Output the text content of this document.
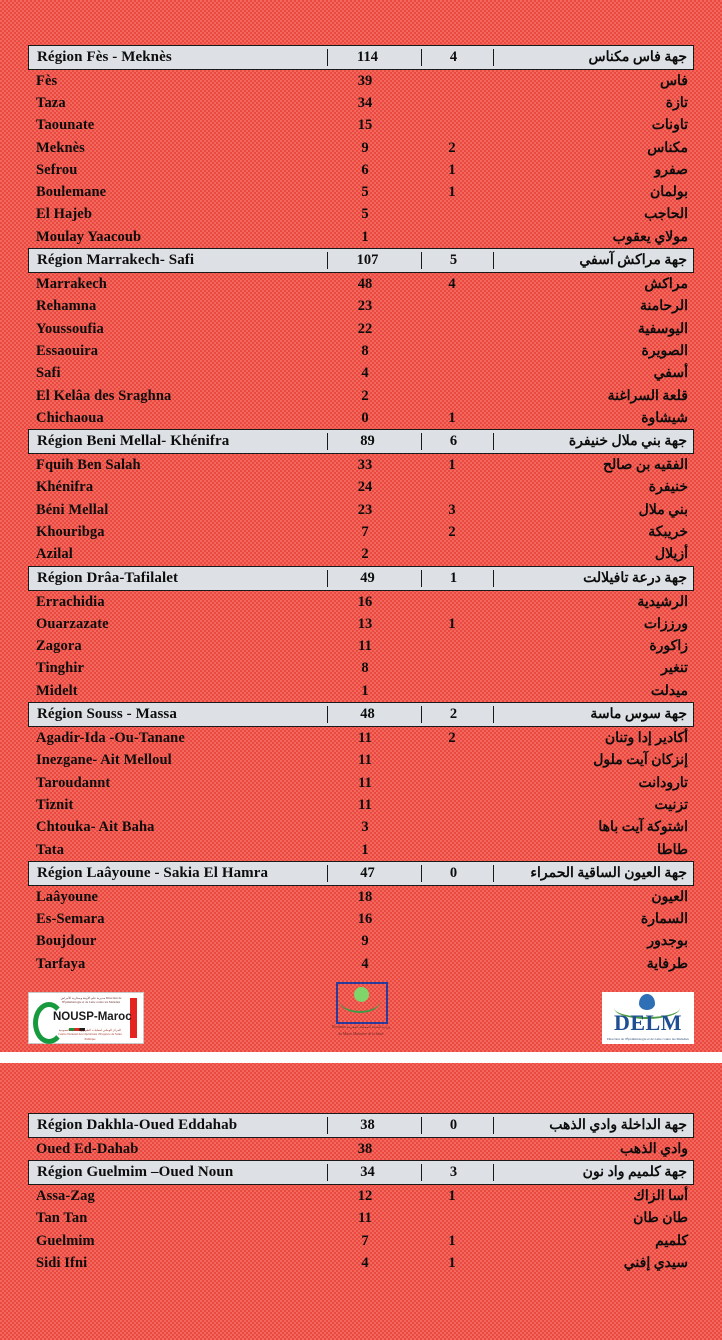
Région Fès - Meknès	114	4	جهة فاس مكناس
Fès	39	فاس
Taza	34	تازة
Taounate	15	تاونات
Meknès	9	2	مكناس
Sefrou	6	1	صفرو
Boulemane	5	1	بولمان
El Hajeb	5	الحاجب
Moulay Yaacoub	1	مولاي يعقوب
Région Marrakech- Safi	107	5	جهة مراكش آسفي
Marrakech	48	4	مراكش
Rehamna	23	الرحامنة
Youssoufia	22	اليوسفية
Essaouira	8	الصويرة
Safi	4	أسفي
El Kelâa des Sraghna	2	قلعة السراغنة
Chichaoua	0	1	شيشاوة
Région Beni Mellal- Khénifra	89	6	جهة بني ملال خنيفرة
Fquih Ben Salah	33	1	الفقيه بن صالح
Khénifra	24	خنيفرة
Béni Mellal	23	3	بني ملال
Khouribga	7	2	خريبكة
Azilal	2	أزيلال
Région Drâa-Tafilalet	49	1	جهة درعة تافيلالت
Errachidia	16	الرشيدية
Ouarzazate	13	1	ورززات
Zagora	11	زاكورة
Tinghir	8	تنغير
Midelt	1	ميدلت
Région Souss - Massa	48	2	جهة سوس ماسة
Agadir-Ida -Ou-Tanane	11	2	أكادير إدا وتنان
Inezgane- Ait Melloul	11	إنزكان آيت ملول
Taroudannt	11	تارودانت
Tiznit	11	تزنيت
Chtouka- Ait Baha	3	اشتوكة آيت باها
Tata	1	طاطا
Région Laâyoune - Sakia El Hamra	47	0	جهة العيون الساقية الحمراء
Laâyoune	18	العيون
Es-Semara	16	السمارة
Boujdour	9	بوجدور
Tarfaya	4	طرفاية
مديرية علم الأوبئة ومحاربة الأمراض Direction de l'Épidémiologie et de Lutte contre les Maladies
NOUSP-Maroc
المركز الوطني لعمليات الطوارئ الصحية العمومية Centre National des Opérations d'Urgence de Santé Publique
وزارة الصحة المملكة المغربية Royaume du Maroc Ministère de la Santé	DELM
Direction de l'Épidémiologie et de Lutte contre les Maladies
Région Dakhla-Oued Eddahab	38	0	جهة الداخلة وادي الذهب
Oued Ed-Dahab	38	وادي الذهب
Région Guelmim –Oued Noun	34	3	جهة كلميم واد نون
Assa-Zag	12	1	أسا الزاك
Tan Tan	11	طان طان
Guelmim	7	1	كلميم
Sidi Ifni	4	1	سيدي إفني
